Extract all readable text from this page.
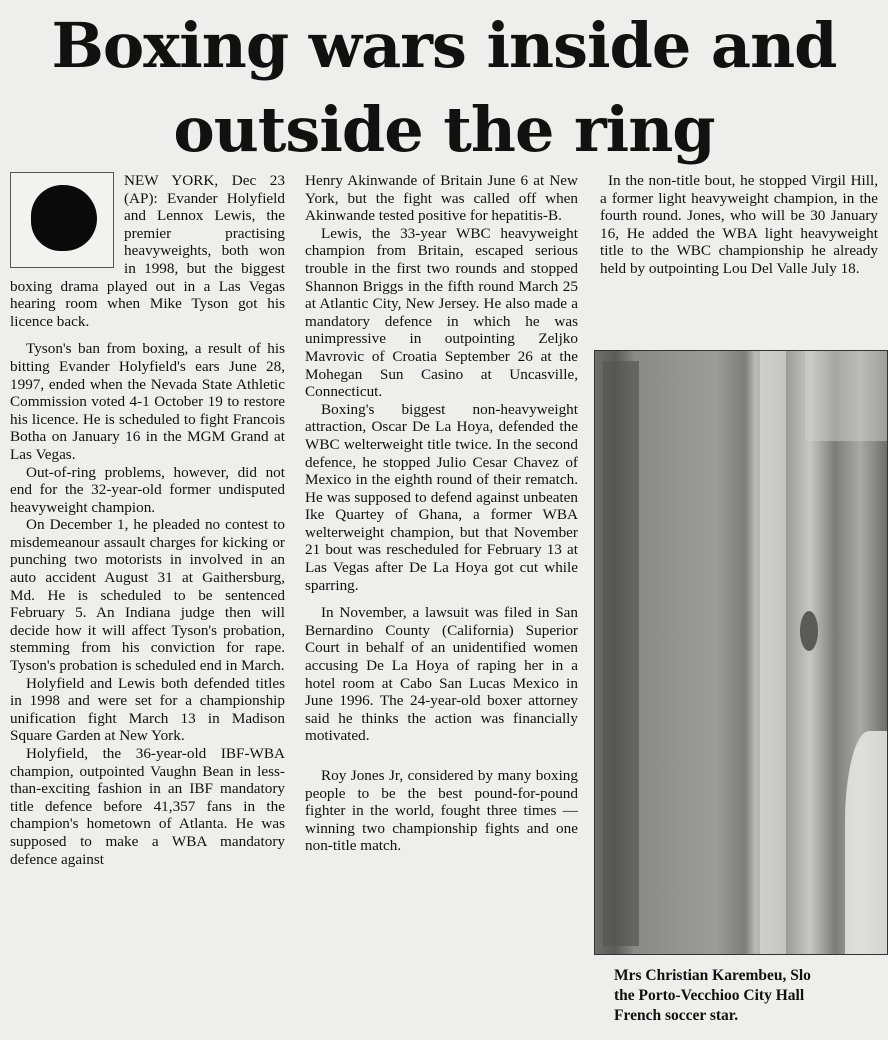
Boxing wars inside and
outside the ring

NEW YORK, Dec 23 (AP): Evander Holyfield and Lennox Lewis, the premier practising heavyweights, both won in 1998, but the biggest boxing drama played out in a Las Vegas hearing room when Mike Tyson got his licence back.

Tyson's ban from boxing, a result of his bitting Evander Holyfield's ears June 28, 1997, ended when the Nevada State Athletic Commission voted 4-1 October 19 to restore his licence. He is scheduled to fight Francois Botha on January 16 in the MGM Grand at Las Vegas.

Out-of-ring problems, however, did not end for the 32-year-old former undisputed heavyweight champion.

On December 1, he pleaded no contest to misdemeanour assault charges for kicking or punching two motorists in involved in an auto accident August 31 at Gaithersburg, Md. He is scheduled to be sentenced February 5. An Indiana judge then will decide how it will affect Tyson's probation, stemming from his conviction for rape. Tyson's probation is scheduled end in March.

Holyfield and Lewis both defended titles in 1998 and were set for a championship unification fight March 13 in Madison Square Garden at New York.

Holyfield, the 36-year-old IBF-WBA champion, outpointed Vaughn Bean in less-than-exciting fashion in an IBF mandatory title defence before 41,357 fans in the champion's hometown of Atlanta. He was supposed to make a WBA mandatory defence against

Henry Akinwande of Britain June 6 at New York, but the fight was called off when Akinwande tested positive for hepatitis-B.

Lewis, the 33-year WBC heavyweight champion from Britain, escaped serious trouble in the first two rounds and stopped Shannon Briggs in the fifth round March 25 at Atlantic City, New Jersey. He also made a mandatory defence in which he was unimpressive in outpointing Zeljko Mavrovic of Croatia September 26 at the Mohegan Sun Casino at Uncasville, Connecticut.

Boxing's biggest non-heavyweight attraction, Oscar De La Hoya, defended the WBC welterweight title twice. In the second defence, he stopped Julio Cesar Chavez of Mexico in the eighth round of their rematch. He was supposed to defend against unbeaten Ike Quartey of Ghana, a former WBA welterweight champion, but that November 21 bout was rescheduled for February 13 at Las Vegas after De La Hoya got cut while sparring.

In November, a lawsuit was filed in San Bernardino County (California) Superior Court in behalf of an unidentified women accusing De La Hoya of raping her in a hotel room at Cabo San Lucas Mexico in June 1996. The 24-year-old boxer attorney said he thinks the action was financially motivated.

Roy Jones Jr, considered by many boxing people to be the best pound-for-pound fighter in the world, fought three times — winning two championship fights and one non-title match.

In the non-title bout, he stopped Virgil Hill, a former light heavyweight champion, in the fourth round. Jones, who will be 30 January 16, He added the WBA light heavyweight title to the WBC championship he already held by outpointing Lou Del Valle July 18.

Mrs Christian Karembeu, Slo
the Porto-Vecchioo City Hall
French soccer star.
